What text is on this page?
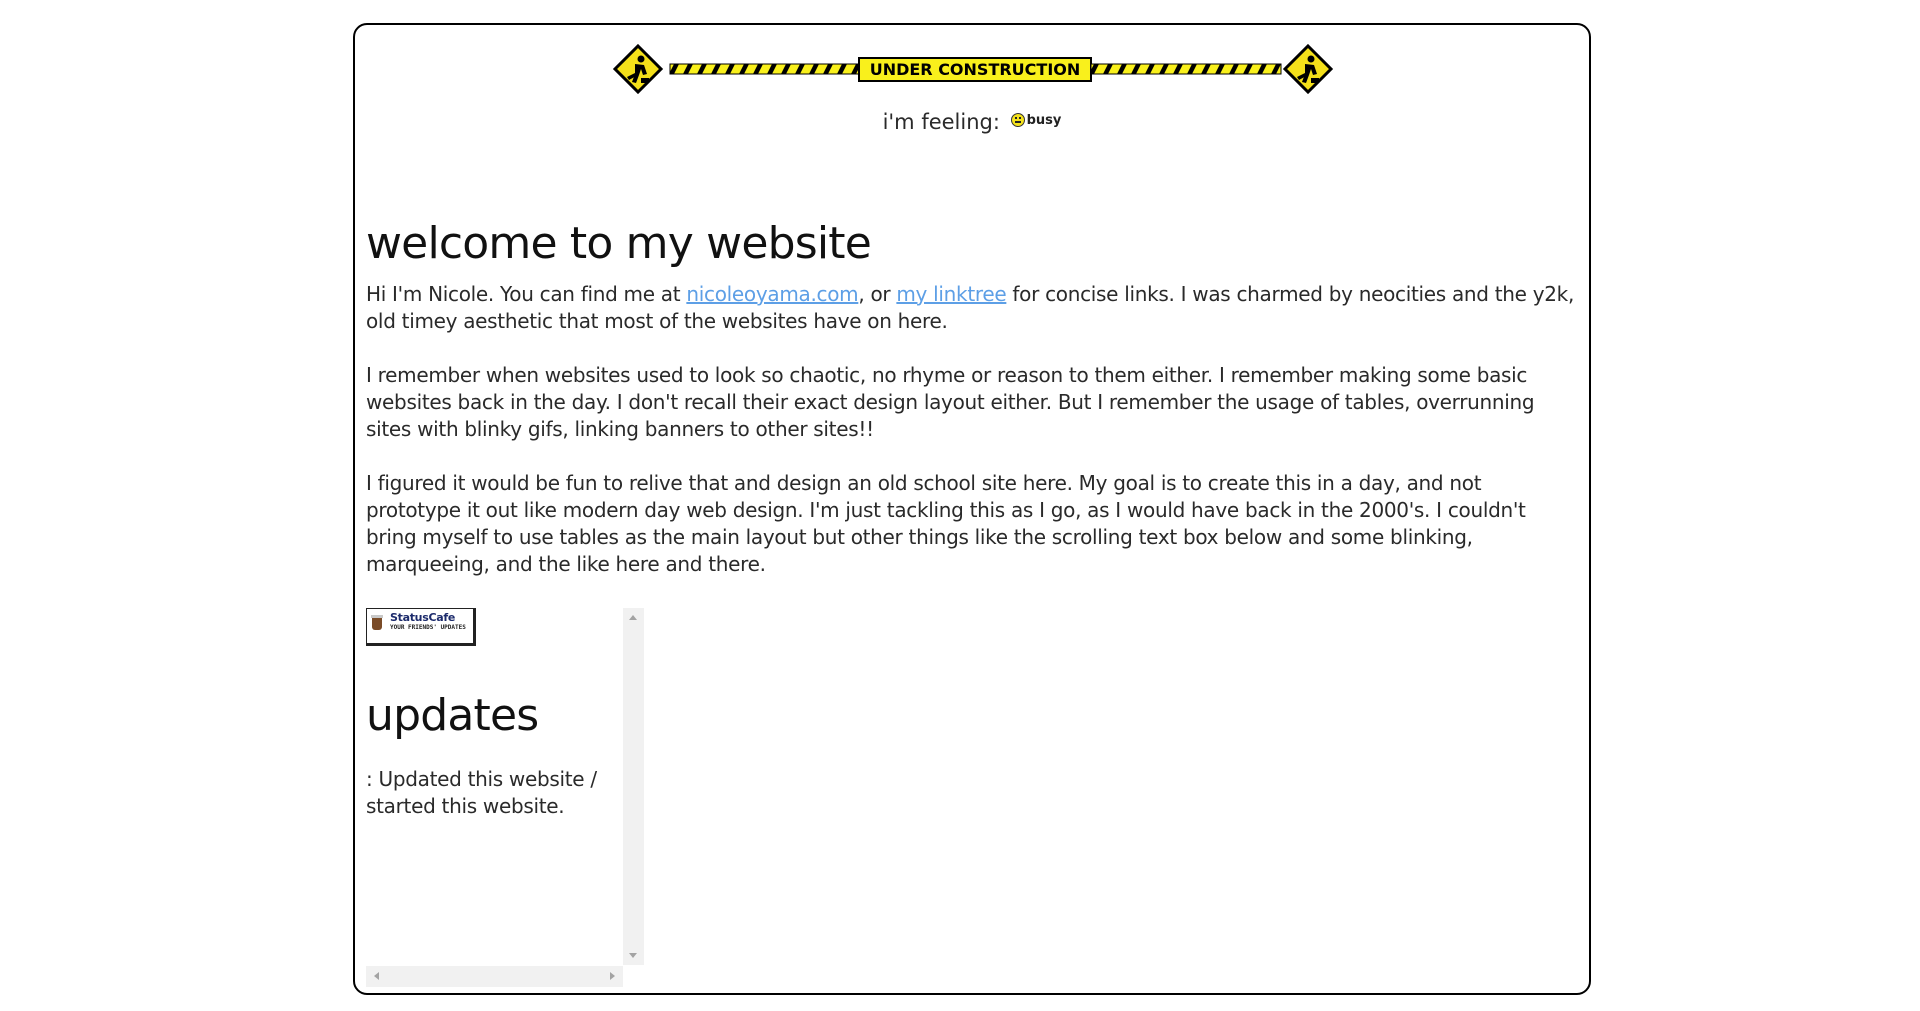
UNDER CONSTRUCTION
i'm feeling: busy
welcome to my website

Hi I'm Nicole. You can find me at nicoleoyama.com, or my linktree for concise links. I was charmed by neocities and the y2k, old timey aesthetic that most of the websites have on here.

I remember when websites used to look so chaotic, no rhyme or reason to them either. I remember making some basic websites back in the day. I don't recall their exact design layout either. But I remember the usage of tables, overrunning sites with blinky gifs, linking banners to other sites!!

I figured it would be fun to relive that and design an old school site here. My goal is to create this in a day, and not prototype it out like modern day web design. I'm just tackling this as I go, as I would have back in the 2000's. I couldn't bring myself to use tables as the main layout but other things like the scrolling text box below and some blinking, marqueeing, and the like here and there.

StatusCafe
YOUR FRIENDS' UPDATES
updates

: Updated this website / started this website.
